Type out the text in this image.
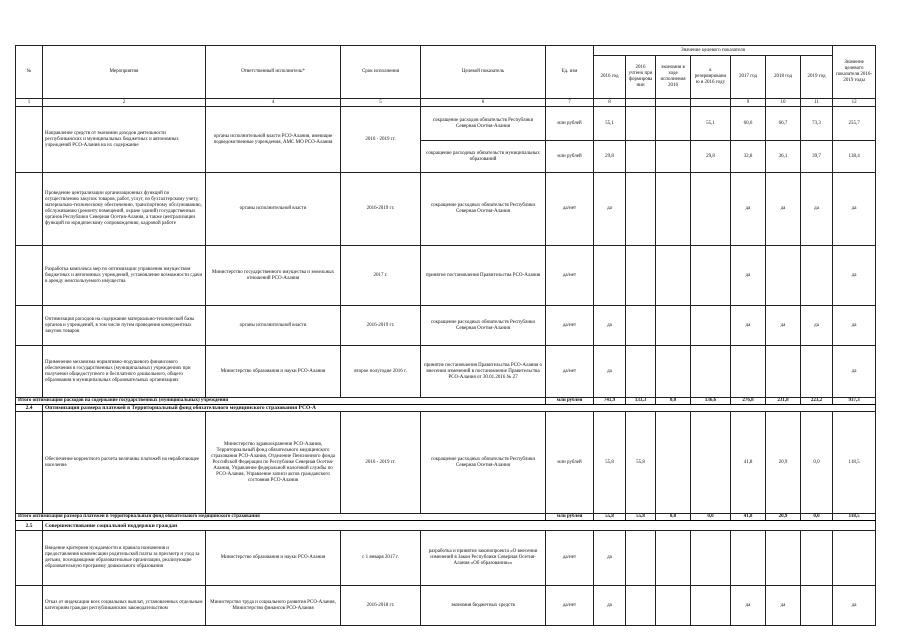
№	Мероприятия	Ответственный исполнитель*	Срок исполнения	Целевой показатель	Ед. изм	Значение целевого показателя							Значение целевого показателя 2016-2019 годы
						2016 год	2016 учтено при формировании	экономия в ходе исполнения 2016	к резервированию в 2016 году	2017 год	2018 год	2019 год	
1	2	4	5	6	7	8				9	10	11	12
	Направление средств от экономии доходов деятельности республиканских и муниципальных бюджетных и автономных учреждений РСО-Алания на их содержание	органы исполнительной власти РСО-Алания, имеющие подведомственные учреждения, АМС МО РСО-Алания	2016 - 2019 гг.	сокращение расходов обязательств Республики Северная Осетия-Алания	млн рублей	55,1			55,1	60,6	66,7	73,3	255,7
				сокращение расходных обязательств муниципальных образований	млн рублей	29,8			29,8	32,8	36,1	39,7	138,4
	Проведение централизации организационных функций по осуществлению закупок товаров, работ, услуг, по бухгалтерскому учету, материально-техническому обеспечению, транспортному обслуживанию, обслуживанию (ремонту помещений, охране зданий) государственных органов Республики Северная Осетия-Алания, а также централизации функций по юридическому сопровождению, кадровой работе	органы исполнительной власти	2016-2019 гг.	сокращение расходных обязательств Республики Северная Осетия-Алания	да/нет	да				да	да	да	да
	Разработка комплекса мер по оптимизации управления имуществом бюджетных и автономных учреждений, установление возможности сдачи в аренду неиспользуемого имущества	Министерство государственного имущества и земельных отношений РСО-Алания	2017 г.	принятие постановления Правительства РСО-Алания	да/нет					да			да
	Оптимизация расходов на содержание материально-технической базы органов и учреждений, в том числе путем проведения конкурентных закупок товаров	органы исполнительной власти	2016-2019 гг.	сокращение расходных обязательств Республики Северная Осетия-Алания	да/нет	да				да	да	да	да
	Применение механизма нормативно-подушевого финансового обеспечения в государственных (муниципальных) учреждениях при получении общедоступного и бесплатного дошкольного, общего образования в муниципальных образовательных организациях	Министерство образования и науки РСО-Алания	второе полугодие 2016 г.	принятие постановления Правительства РСО-Алания о внесении изменений в постановление Правительства РСО-Алания от 30.01.2016 № 27	да/нет	да							да
Итого оптимизация расходов на содержание государственных (муниципальных) учреждений					млн рублей	741,9	133,3	0,0	136,6	276,8	231,8	223,2	937,3
2.4	Оптимизация размера платежей в Территориальный фонд обязательного медицинского страхования РСО-А												
	Обеспечение корректного расчета величины платежей на неработающее население	Министерство здравоохранения РСО-Алания, Территориальный фонд обязательного медицинского страхования РСО-Алания, Отделение Пенсионного фонда Российской Федерации по Республике Северная Осетия-Алания, Управление федеральной налоговой службы по РСО-Алания, Управление записи актов гражданского состояния РСО-Алания	2016 - 2019 гг.	сокращение расходных обязательств Республики Северная Осетия-Алания	млн рублей	55,8	55,8			41,8	20,9	0,0	118,5
Итого оптимизация размера платежей в территориальный фонд обязательного медицинского страхования					млн рублей	55,8	55,8	0,0	0,0	41,8	20,9	0,0	118,5
2.5	Совершенствование социальной поддержки граждан												
	Введение критериев нуждаемости в правила назначения и предоставления компенсации родительской платы за присмотр и уход за детьми, посещающими образовательные организации, реализующие образовательную программу дошкольного образования	Министерство образования и науки РСО-Алания	с 1 января 2017 г.	разработка и принятие законопроекта «О внесении изменений в Закон Республики Северная Осетия-Алания «Об образовании»»	да/нет	да							
	Отказ от индексации всех социальных выплат, установленных отдельным категориям граждан республиканским законодательством	Министерство труда и социального развития РСО-Алания, Министерство финансов РСО-Алания	2016-2018 гг.	экономия бюджетных средств	да/нет	да				да	да		да
